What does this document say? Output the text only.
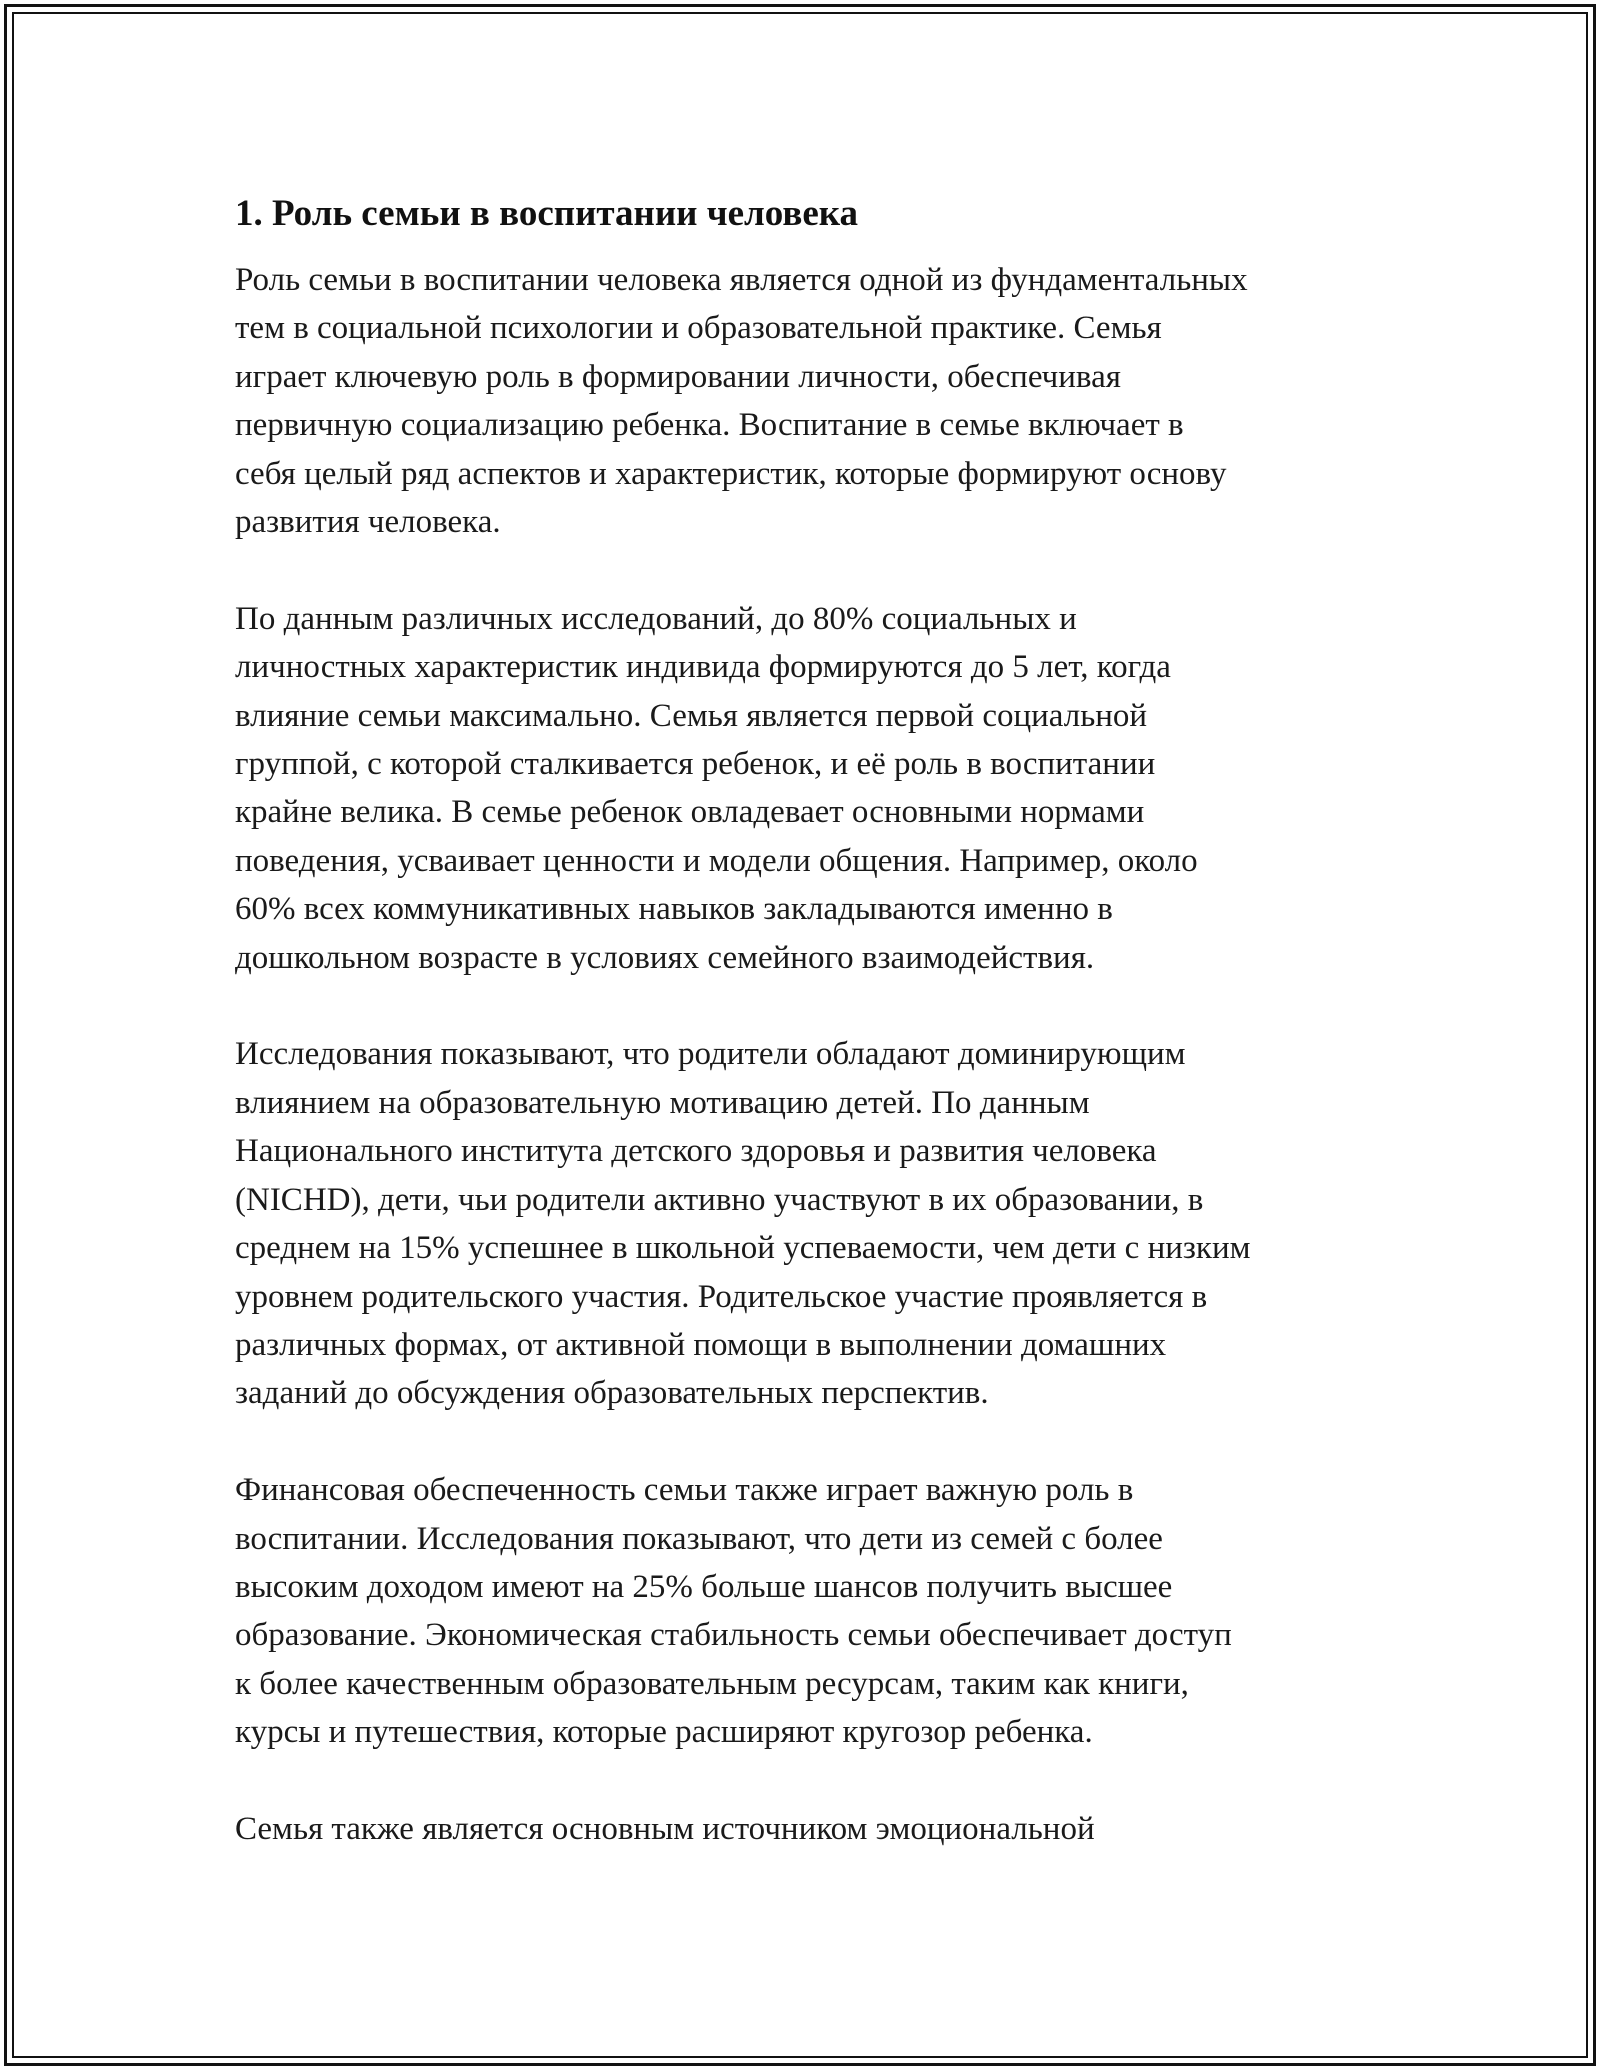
1. Роль семьи в воспитании человека

Роль семьи в воспитании человека является одной из фундаментальных
тем в социальной психологии и образовательной практике. Семья
играет ключевую роль в формировании личности, обеспечивая
первичную социализацию ребенка. Воспитание в семье включает в
себя целый ряд аспектов и характеристик, которые формируют основу
развития человека.

По данным различных исследований, до 80% социальных и
личностных характеристик индивида формируются до 5 лет, когда
влияние семьи максимально. Семья является первой социальной
группой, с которой сталкивается ребенок, и её роль в воспитании
крайне велика. В семье ребенок овладевает основными нормами
поведения, усваивает ценности и модели общения. Например, около
60% всех коммуникативных навыков закладываются именно в
дошкольном возрасте в условиях семейного взаимодействия.

Исследования показывают, что родители обладают доминирующим
влиянием на образовательную мотивацию детей. По данным
Национального института детского здоровья и развития человека
(NICHD), дети, чьи родители активно участвуют в их образовании, в
среднем на 15% успешнее в школьной успеваемости, чем дети с низким
уровнем родительского участия. Родительское участие проявляется в
различных формах, от активной помощи в выполнении домашних
заданий до обсуждения образовательных перспектив.

Финансовая обеспеченность семьи также играет важную роль в
воспитании. Исследования показывают, что дети из семей с более
высоким доходом имеют на 25% больше шансов получить высшее
образование. Экономическая стабильность семьи обеспечивает доступ
к более качественным образовательным ресурсам, таким как книги,
курсы и путешествия, которые расширяют кругозор ребенка.

Семья также является основным источником эмоциональной
